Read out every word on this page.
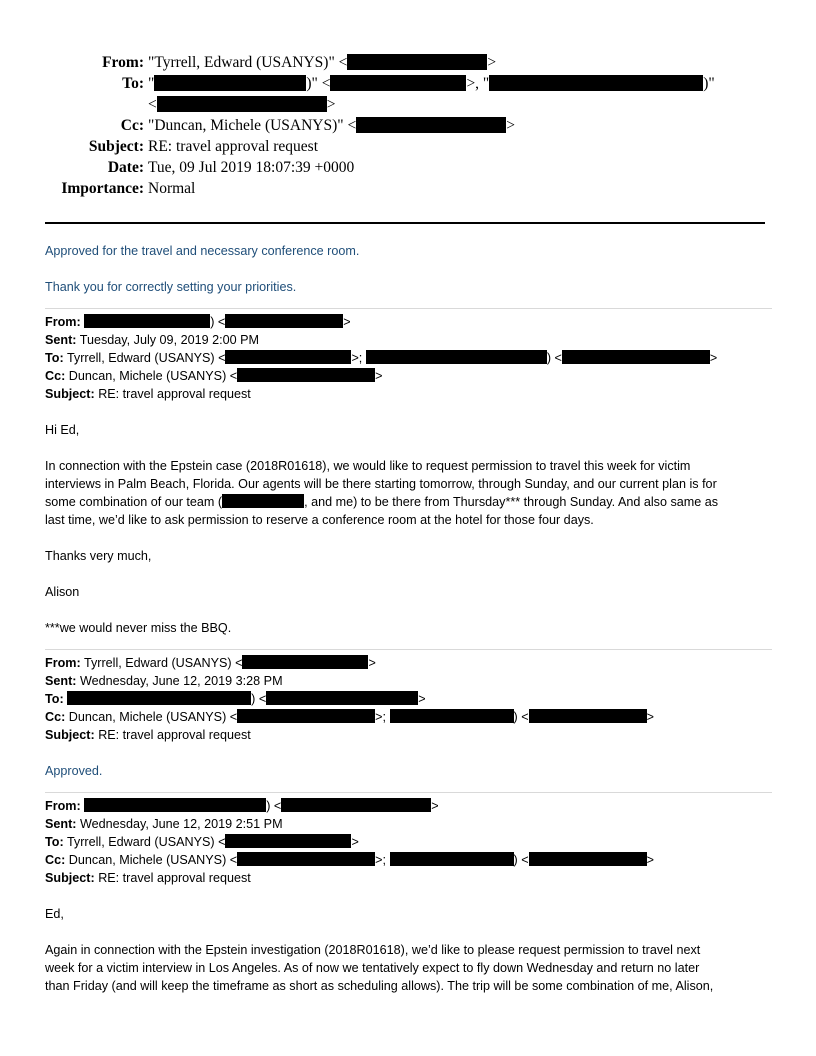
From: "Tyrrell, Edward (USANYS)" <	>
To: "	)" <	>, "	)"
<	>
Cc: "Duncan, Michele (USANYS)" <	>
Subject: RE: travel approval request
Date: Tue, 09 Jul 2019 18:07:39 +0000
Importance: Normal

Approved for the travel and necessary conference room.

Thank you for correctly setting your priorities.

From:	) <	>
Sent: Tuesday, July 09, 2019 2:00 PM
To: Tyrrell, Edward (USANYS) <	>;	) <	>
Cc: Duncan, Michele (USANYS) <	>
Subject: RE: travel approval request

Hi Ed,

In connection with the Epstein case (2018R01618), we would like to request permission to travel this week for victim
interviews in Palm Beach, Florida. Our agents will be there starting tomorrow, through Sunday, and our current plan is for
some combination of our team (	, and me) to be there from Thursday*** through Sunday. And also same as
last time, we’d like to ask permission to reserve a conference room at the hotel for those four days.

Thanks very much,

Alison

***we would never miss the BBQ.

From: Tyrrell, Edward (USANYS) <	>
Sent: Wednesday, June 12, 2019 3:28 PM
To:	) <	>
Cc: Duncan, Michele (USANYS) <	>;	) <	>
Subject: RE: travel approval request

Approved.

From:	) <	>
Sent: Wednesday, June 12, 2019 2:51 PM
To: Tyrrell, Edward (USANYS) <	>
Cc: Duncan, Michele (USANYS) <	>;	) <	>
Subject: RE: travel approval request

Ed,

Again in connection with the Epstein investigation (2018R01618), we’d like to please request permission to travel next
week for a victim interview in Los Angeles. As of now we tentatively expect to fly down Wednesday and return no later
than Friday (and will keep the timeframe as short as scheduling allows). The trip will be some combination of me, Alison,
